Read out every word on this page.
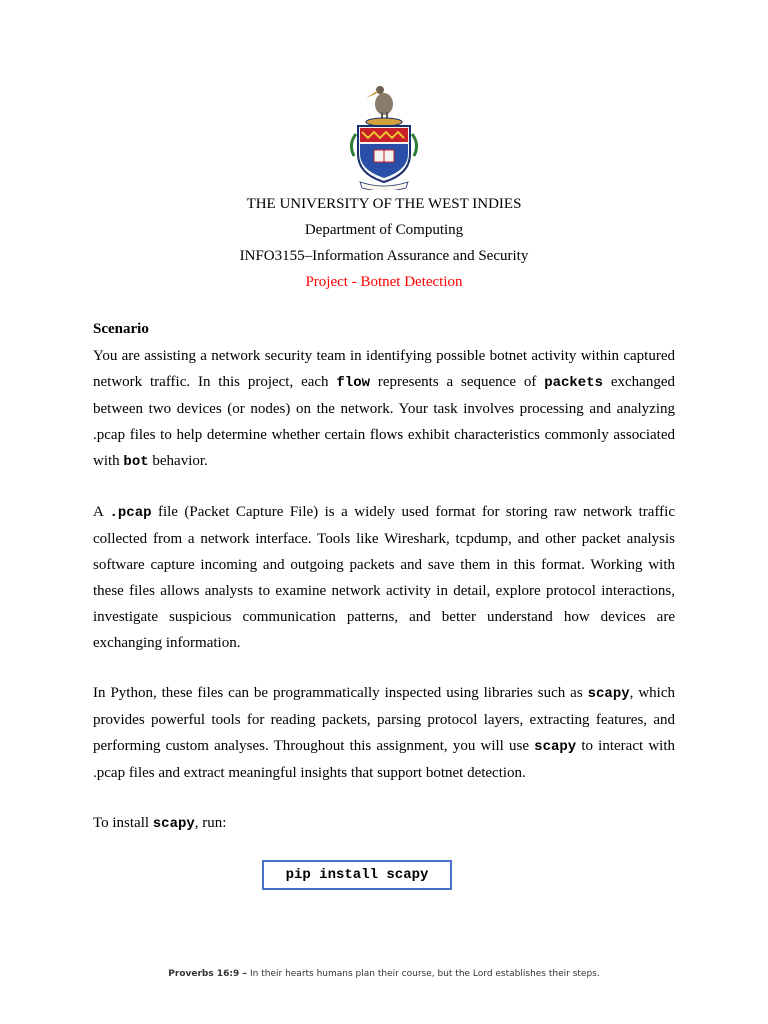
THE UNIVERSITY OF THE WEST INDIES
Department of Computing
INFO3155–Information Assurance and Security
Project - Botnet Detection
Scenario
You are assisting a network security team in identifying possible botnet activity within captured network traffic. In this project, each flow represents a sequence of packets exchanged between two devices (or nodes) on the network. Your task involves processing and analyzing .pcap files to help determine whether certain flows exhibit characteristics commonly associated with bot behavior.
A .pcap file (Packet Capture File) is a widely used format for storing raw network traffic collected from a network interface. Tools like Wireshark, tcpdump, and other packet analysis software capture incoming and outgoing packets and save them in this format. Working with these files allows analysts to examine network activity in detail, explore protocol interactions, investigate suspicious communication patterns, and better understand how devices are exchanging information.
In Python, these files can be programmatically inspected using libraries such as scapy, which provides powerful tools for reading packets, parsing protocol layers, extracting features, and performing custom analyses. Throughout this assignment, you will use scapy to interact with .pcap files and extract meaningful insights that support botnet detection.
To install scapy, run:
pip install scapy
Proverbs 16:9 – In their hearts humans plan their course, but the Lord establishes their steps.
